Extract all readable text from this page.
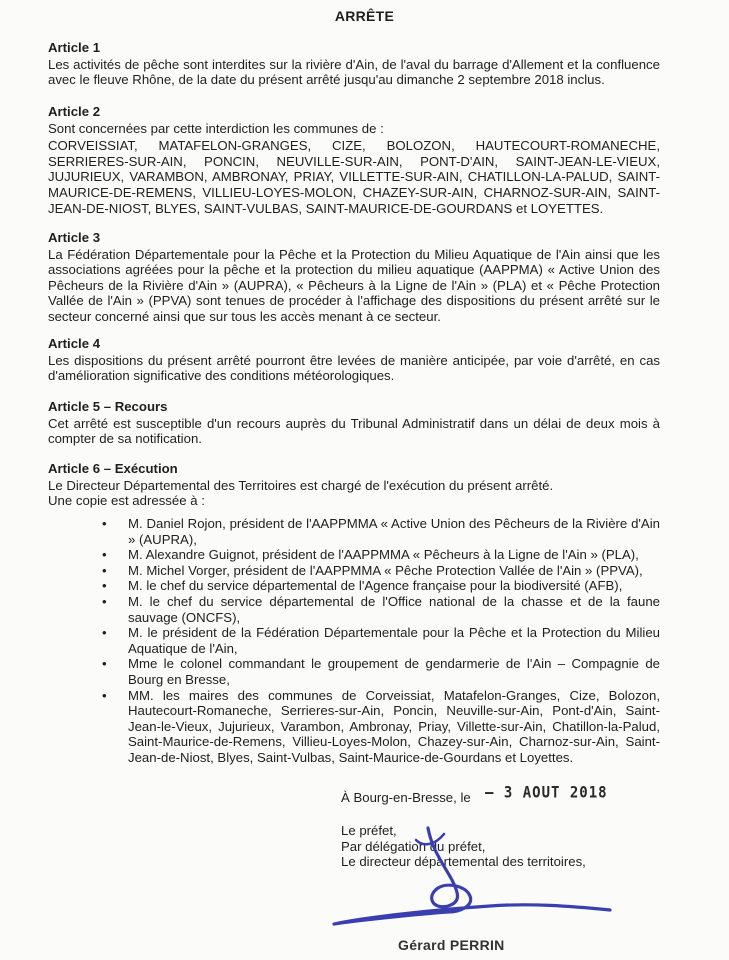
ARRÊTE
Article 1

Les activités de pêche sont interdites sur la rivière d'Ain, de l'aval du barrage d'Allement et la confluence avec le fleuve Rhône, de la date du présent arrêté jusqu'au dimanche 2 septembre 2018 inclus.

Article 2

Sont concernées par cette interdiction les communes de :

CORVEISSIAT, MATAFELON-GRANGES, CIZE, BOLOZON, HAUTECOURT-ROMANECHE, SERRIERES-SUR-AIN, PONCIN, NEUVILLE-SUR-AIN, PONT-D'AIN, SAINT-JEAN-LE-VIEUX, JUJURIEUX, VARAMBON, AMBRONAY, PRIAY, VILLETTE-SUR-AIN, CHATILLON-LA-PALUD, SAINT-MAURICE-DE-REMENS, VILLIEU-LOYES-MOLON, CHAZEY-SUR-AIN, CHARNOZ-SUR-AIN, SAINT-JEAN-DE-NIOST, BLYES, SAINT-VULBAS, SAINT-MAURICE-DE-GOURDANS et LOYETTES.

Article 3

La Fédération Départementale pour la Pêche et la Protection du Milieu Aquatique de l'Ain ainsi que les associations agréées pour la pêche et la protection du milieu aquatique (AAPPMA) « Active Union des Pêcheurs de la Rivière d'Ain » (AUPRA), « Pêcheurs à la Ligne de l'Ain » (PLA) et « Pêche Protection Vallée de l'Ain » (PPVA) sont tenues de procéder à l'affichage des dispositions du présent arrêté sur le secteur concerné ainsi que sur tous les accès menant à ce secteur.

Article 4

Les dispositions du présent arrêté pourront être levées de manière anticipée, par voie d'arrêté, en cas d'amélioration significative des conditions météorologiques.

Article 5 – Recours

Cet arrêté est susceptible d'un recours auprès du Tribunal Administratif dans un délai de deux mois à compter de sa notification.

Article 6 – Exécution

Le Directeur Départemental des Territoires est chargé de l'exécution du présent arrêté.

Une copie est adressée à :

• M. Daniel Rojon, président de l'AAPPMMA « Active Union des Pêcheurs de la Rivière d'Ain » (AUPRA),
• M. Alexandre Guignot, président de l'AAPPMMA « Pêcheurs à la Ligne de l'Ain » (PLA),
• M. Michel Vorger, président de l'AAPPMMA « Pêche Protection Vallée de l'Ain » (PPVA),
• M. le chef du service départemental de l'Agence française pour la biodiversité (AFB),
• M. le chef du service départemental de l'Office national de la chasse et de la faune sauvage (ONCFS),
• M. le président de la Fédération Départementale pour la Pêche et la Protection du Milieu Aquatique de l'Ain,
• Mme le colonel commandant le groupement de gendarmerie de l'Ain – Compagnie de Bourg en Bresse,
• MM. les maires des communes de Corveissiat, Matafelon-Granges, Cize, Bolozon, Hautecourt-Romaneche, Serrieres-sur-Ain, Poncin, Neuville-sur-Ain, Pont-d'Ain, Saint-Jean-le-Vieux, Jujurieux, Varambon, Ambronay, Priay, Villette-sur-Ain, Chatillon-la-Palud, Saint-Maurice-de-Remens, Villieu-Loyes-Molon, Chazey-sur-Ain, Charnoz-sur-Ain, Saint-Jean-de-Niost, Blyes, Saint-Vulbas, Saint-Maurice-de-Gourdans et Loyettes.
À Bourg-en-Bresse, le – 3 AOUT 2018
Le préfet,
Par délégation du préfet,
Le directeur départemental des territoires,
Gérard PERRIN
